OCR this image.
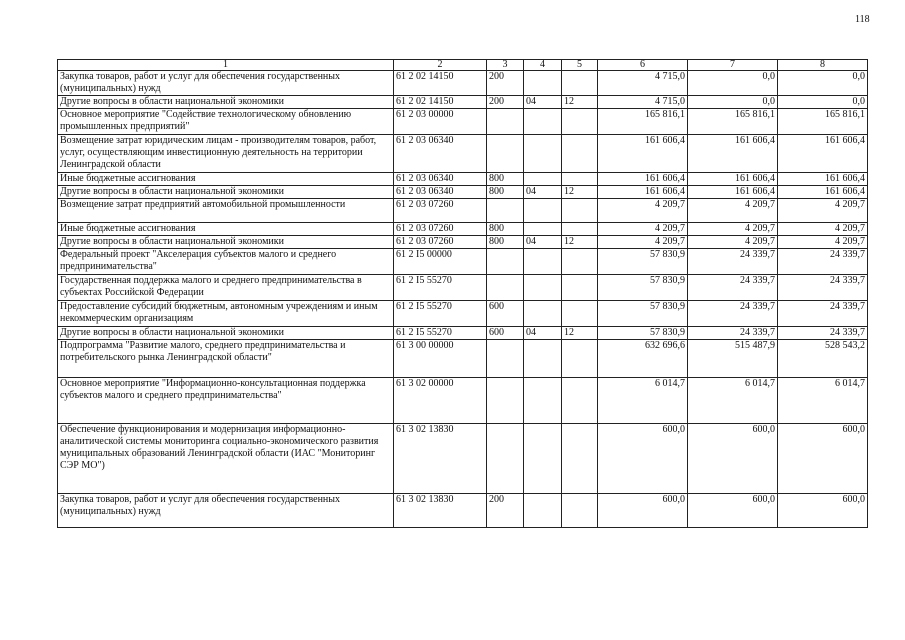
118
1	2	3	4	5	6	7	8
Закупка товаров, работ и услуг для обеспечения государственных (муниципальных) нужд	61 2 02 14150	200			4 715,0	0,0	0,0
Другие вопросы в области национальной экономики	61 2 02 14150	200	04	12	4 715,0	0,0	0,0
Основное мероприятие "Содействие технологическому обновлению промышленных предприятий"	61 2 03 00000				165 816,1	165 816,1	165 816,1
Возмещение затрат юридическим лицам - производителям товаров, работ, услуг, осуществляющим инвестиционную деятельность на территории Ленинградской области	61 2 03 06340				161 606,4	161 606,4	161 606,4
Иные бюджетные ассигнования	61 2 03 06340	800			161 606,4	161 606,4	161 606,4
Другие вопросы в области национальной экономики	61 2 03 06340	800	04	12	161 606,4	161 606,4	161 606,4
Возмещение затрат предприятий автомобильной промышленности	61 2 03 07260				4 209,7	4 209,7	4 209,7
Иные бюджетные ассигнования	61 2 03 07260	800			4 209,7	4 209,7	4 209,7
Другие вопросы в области национальной экономики	61 2 03 07260	800	04	12	4 209,7	4 209,7	4 209,7
Федеральный проект "Акселерация субъектов малого и среднего предпринимательства"	61 2 I5 00000				57 830,9	24 339,7	24 339,7
Государственная поддержка малого и среднего предпринимательства в субъектах Российской Федерации	61 2 I5 55270				57 830,9	24 339,7	24 339,7
Предоставление субсидий бюджетным, автономным учреждениям и иным некоммерческим организациям	61 2 I5 55270	600			57 830,9	24 339,7	24 339,7
Другие вопросы в области национальной экономики	61 2 I5 55270	600	04	12	57 830,9	24 339,7	24 339,7
Подпрограмма "Развитие малого, среднего предпринимательства и потребительского рынка Ленинградской области"	61 3 00 00000				632 696,6	515 487,9	528 543,2
Основное мероприятие "Информационно-консультационная поддержка субъектов малого и среднего предпринимательства"	61 3 02 00000				6 014,7	6 014,7	6 014,7
Обеспечение функционирования и модернизация информационно-аналитической системы мониторинга социально-экономического развития муниципальных образований Ленинградской области (ИАС "Мониторинг СЭР МО")	61 3 02 13830				600,0	600,0	600,0
Закупка товаров, работ и услуг для обеспечения государственных (муниципальных) нужд	61 3 02 13830	200			600,0	600,0	600,0
